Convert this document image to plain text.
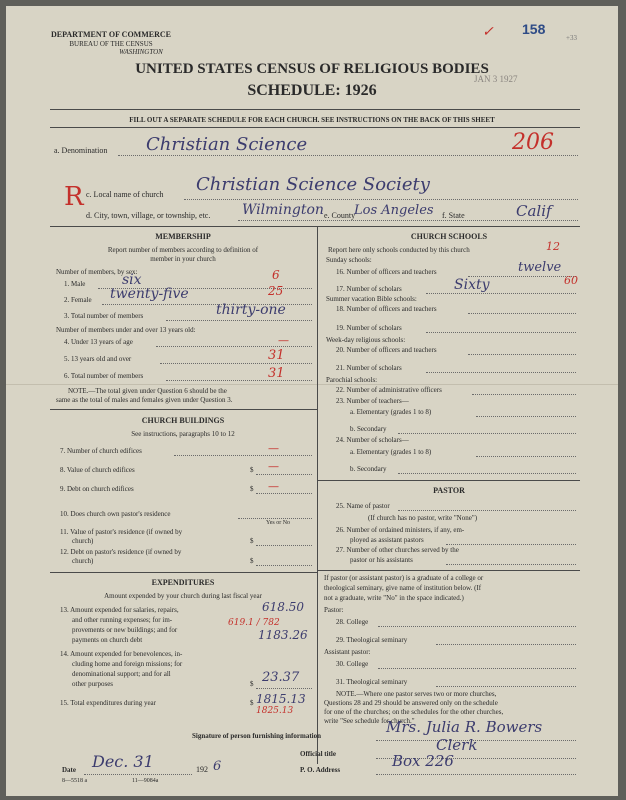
DEPARTMENT OF COMMERCE
BUREAU OF THE CENSUS
WASHINGTON
158
+33
JAN 3 1927
✓
UNITED STATES CENSUS OF RELIGIOUS BODIES
SCHEDULE: 1926
FILL OUT A SEPARATE SCHEDULE FOR EACH CHURCH. SEE INSTRUCTIONS ON THE BACK OF THIS SHEET
a. Denomination Christian Science	206
R c. Local name of church Christian Science Society
d. City, town, village, or township, etc. Wilmington e. County
Los Angeles f. State	Calif
MEMBERSHIP
Report number of members according to definition of
member in your church
Number of members, by sex:
1. Male	six	6
2. Female twenty-five	25
3. Total number of members	thirty-one
Number of members under and over 13 years old:
4. Under 13 years of age	—
5. 13 years old and over	31
6. Total number of members	31
NOTE.—The total given under Question 6 should be the
same as the total of males and females given under Question 3.
CHURCH BUILDINGS
See instructions, paragraphs 10 to 12
7. Number of church edifices	—
8. Value of church edifices	$ —
9. Debt on church edifices	$ —
10. Does church own pastor's residence
Yes or No
11. Value of pastor's residence (if owned by
church)	$
12. Debt on pastor's residence (if owned by
church)	$
EXPENDITURES
Amount expended by your church during last fiscal year
13. Amount expended for salaries, repairs,
and other running expenses; for im-
provements or new buildings; and for
payments on church debt
618.50
619.1 / 782
1183.26
14. Amount expended for benevolences, in-
cluding home and foreign missions; for
denominational support; and for all
other purposes	$ 23.37
15. Total expenditures during year	$ 1815.13
1825.13
CHURCH SCHOOLS
Report here only schools conducted by this church	12
Sunday schools:
16. Number of officers and teachers	twelve
17. Number of scholars	Sixty	60
Summer vacation Bible schools:
18. Number of officers and teachers
19. Number of scholars
Week-day religious schools:
20. Number of officers and teachers
21. Number of scholars
Parochial schools:
22. Number of administrative officers
23. Number of teachers—
a. Elementary (grades 1 to 8)
b. Secondary
24. Number of scholars—
a. Elementary (grades 1 to 8)
b. Secondary
PASTOR
25. Name of pastor
(If church has no pastor, write "None")
26. Number of ordained ministers, if any, em-
ployed as assistant pastors
27. Number of other churches served by the
pastor or his assistants
If pastor (or assistant pastor) is a graduate of a college or
theological seminary, give name of institution below. (If
not a graduate, write "No" in the space indicated.)
Pastor:
28. College
29. Theological seminary
Assistant pastor:
30. College
31. Theological seminary
NOTE.—Where one pastor serves two or more churches,
Questions 28 and 29 should be answered only on the schedule
for one of the churches; on the schedules for the other churches,
write "See schedule for church."
Signature of person furnishing information	Mrs. Julia R. Bowers
Official title	Clerk
Date Dec. 31	192 6	P. O. Address	Box 226
8—5518 a	11—9084a
